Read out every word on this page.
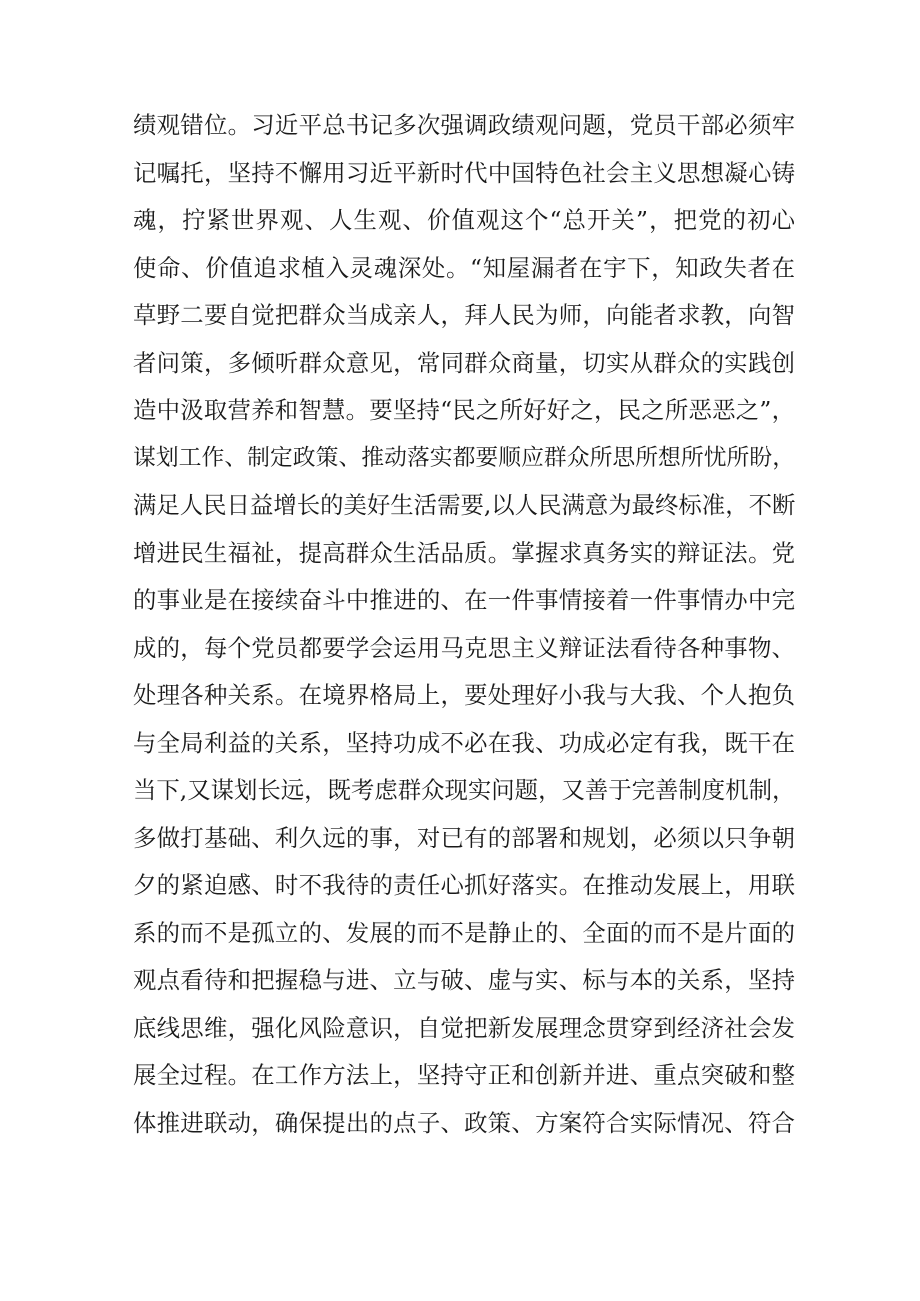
绩观错位。习近平总书记多次强调政绩观问题，党员干部必须牢
记嘱托，坚持不懈用习近平新时代中国特色社会主义思想凝心铸
魂，拧紧世界观、人生观、价值观这个“总开关”，把党的初心
使命、价值追求植入灵魂深处。“知屋漏者在宇下，知政失者在
草野二要自觉把群众当成亲人，拜人民为师，向能者求教，向智
者问策，多倾听群众意见，常同群众商量，切实从群众的实践创
造中汲取营养和智慧。要坚持“民之所好好之，民之所恶恶之”，
谋划工作、制定政策、推动落实都要顺应群众所思所想所忧所盼，
满足人民日益增长的美好生活需要,以人民满意为最终标准，不断
增进民生福祉，提高群众生活品质。掌握求真务实的辩证法。党
的事业是在接续奋斗中推进的、在一件事情接着一件事情办中完
成的，每个党员都要学会运用马克思主义辩证法看待各种事物、
处理各种关系。在境界格局上，要处理好小我与大我、个人抱负
与全局利益的关系，坚持功成不必在我、功成必定有我，既干在
当下,又谋划长远，既考虑群众现实问题，又善于完善制度机制，
多做打基础、利久远的事，对已有的部署和规划，必须以只争朝
夕的紧迫感、时不我待的责任心抓好落实。在推动发展上，用联
系的而不是孤立的、发展的而不是静止的、全面的而不是片面的
观点看待和把握稳与进、立与破、虚与实、标与本的关系，坚持
底线思维，强化风险意识，自觉把新发展理念贯穿到经济社会发
展全过程。在工作方法上，坚持守正和创新并进、重点突破和整
体推进联动，确保提出的点子、政策、方案符合实际情况、符合
